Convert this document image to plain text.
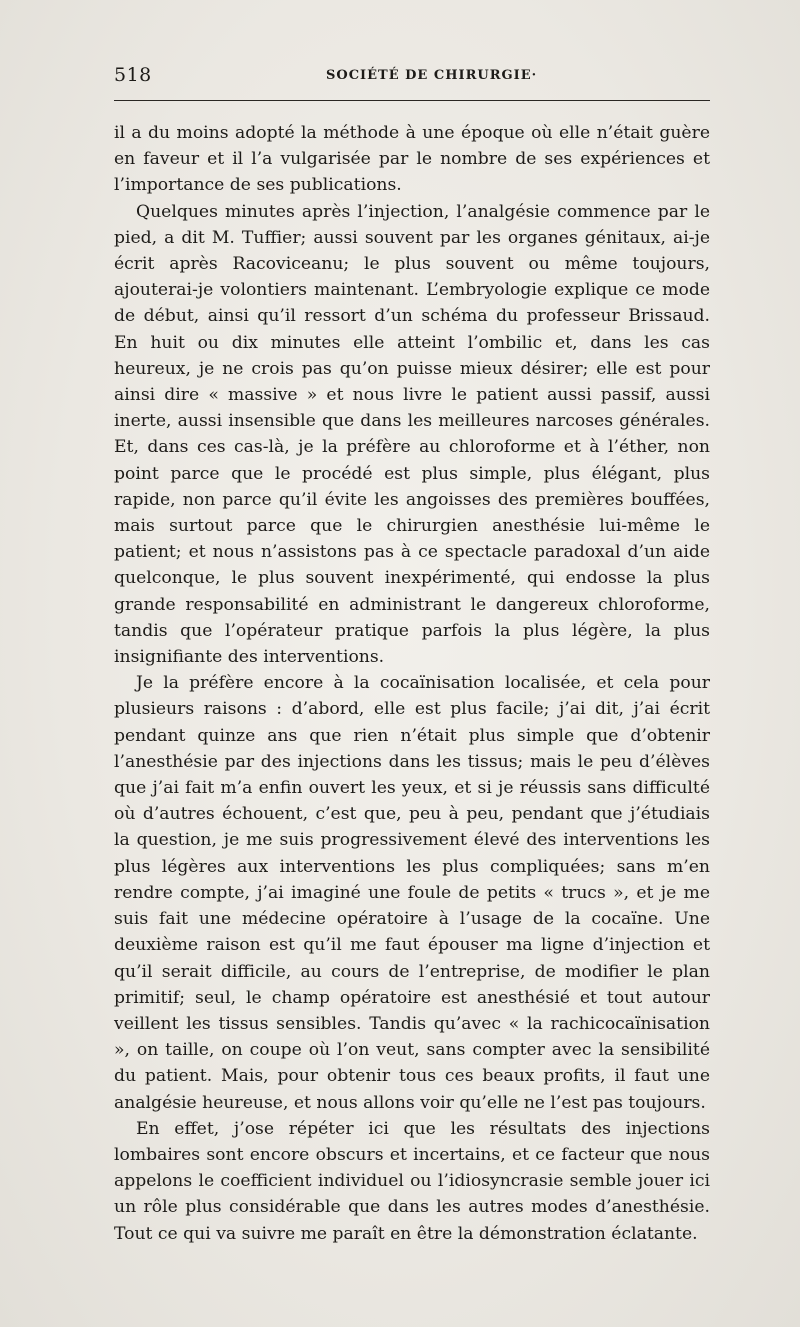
518	SOCIÉTÉ DE CHIRURGIE·

il a du moins adopté la méthode à une époque où elle n’était guère en faveur et il l’a vulgarisée par le nombre de ses expériences et l’importance de ses publications.

Quelques minutes après l’injection, l’analgésie commence par le pied, a dit M. Tuffier; aussi souvent par les organes génitaux, ai-je écrit après Racoviceanu; le plus souvent ou même toujours, ajouterai-je volontiers maintenant. L’embryologie explique ce mode de début, ainsi qu’il ressort d’un schéma du professeur Brissaud. En huit ou dix minutes elle atteint l’ombilic et, dans les cas heureux, je ne crois pas qu’on puisse mieux désirer; elle est pour ainsi dire « massive » et nous livre le patient aussi passif, aussi inerte, aussi insensible que dans les meilleures narcoses générales. Et, dans ces cas-là, je la préfère au chloroforme et à l’éther, non point parce que le procédé est plus simple, plus élégant, plus rapide, non parce qu’il évite les angoisses des premières bouffées, mais surtout parce que le chirurgien anesthésie lui-même le patient; et nous n’assistons pas à ce spectacle paradoxal d’un aide quelconque, le plus souvent inexpérimenté, qui endosse la plus grande responsabilité en administrant le dangereux chloroforme, tandis que l’opérateur pratique parfois la plus légère, la plus insignifiante des interventions.

Je la préfère encore à la cocaïnisation localisée, et cela pour plusieurs raisons : d’abord, elle est plus facile; j’ai dit, j’ai écrit pendant quinze ans que rien n’était plus simple que d’obtenir l’anesthésie par des injections dans les tissus; mais le peu d’élèves que j’ai fait m’a enfin ouvert les yeux, et si je réussis sans difficulté où d’autres échouent, c’est que, peu à peu, pendant que j’étudiais la question, je me suis progressivement élevé des interventions les plus légères aux interventions les plus compliquées; sans m’en rendre compte, j’ai imaginé une foule de petits « trucs », et je me suis fait une médecine opératoire à l’usage de la cocaïne. Une deuxième raison est qu’il me faut épouser ma ligne d’injection et qu’il serait difficile, au cours de l’entreprise, de modifier le plan primitif; seul, le champ opératoire est anesthésié et tout autour veillent les tissus sensibles. Tandis qu’avec « la rachicocaïnisation », on taille, on coupe où l’on veut, sans compter avec la sensibilité du patient. Mais, pour obtenir tous ces beaux profits, il faut une analgésie heureuse, et nous allons voir qu’elle ne l’est pas toujours.

En effet, j’ose répéter ici que les résultats des injections lombaires sont encore obscurs et incertains, et ce facteur que nous appelons le coefficient individuel ou l’idiosyncrasie semble jouer ici un rôle plus considérable que dans les autres modes d’anesthésie. Tout ce qui va suivre me paraît en être la démonstration éclatante.
